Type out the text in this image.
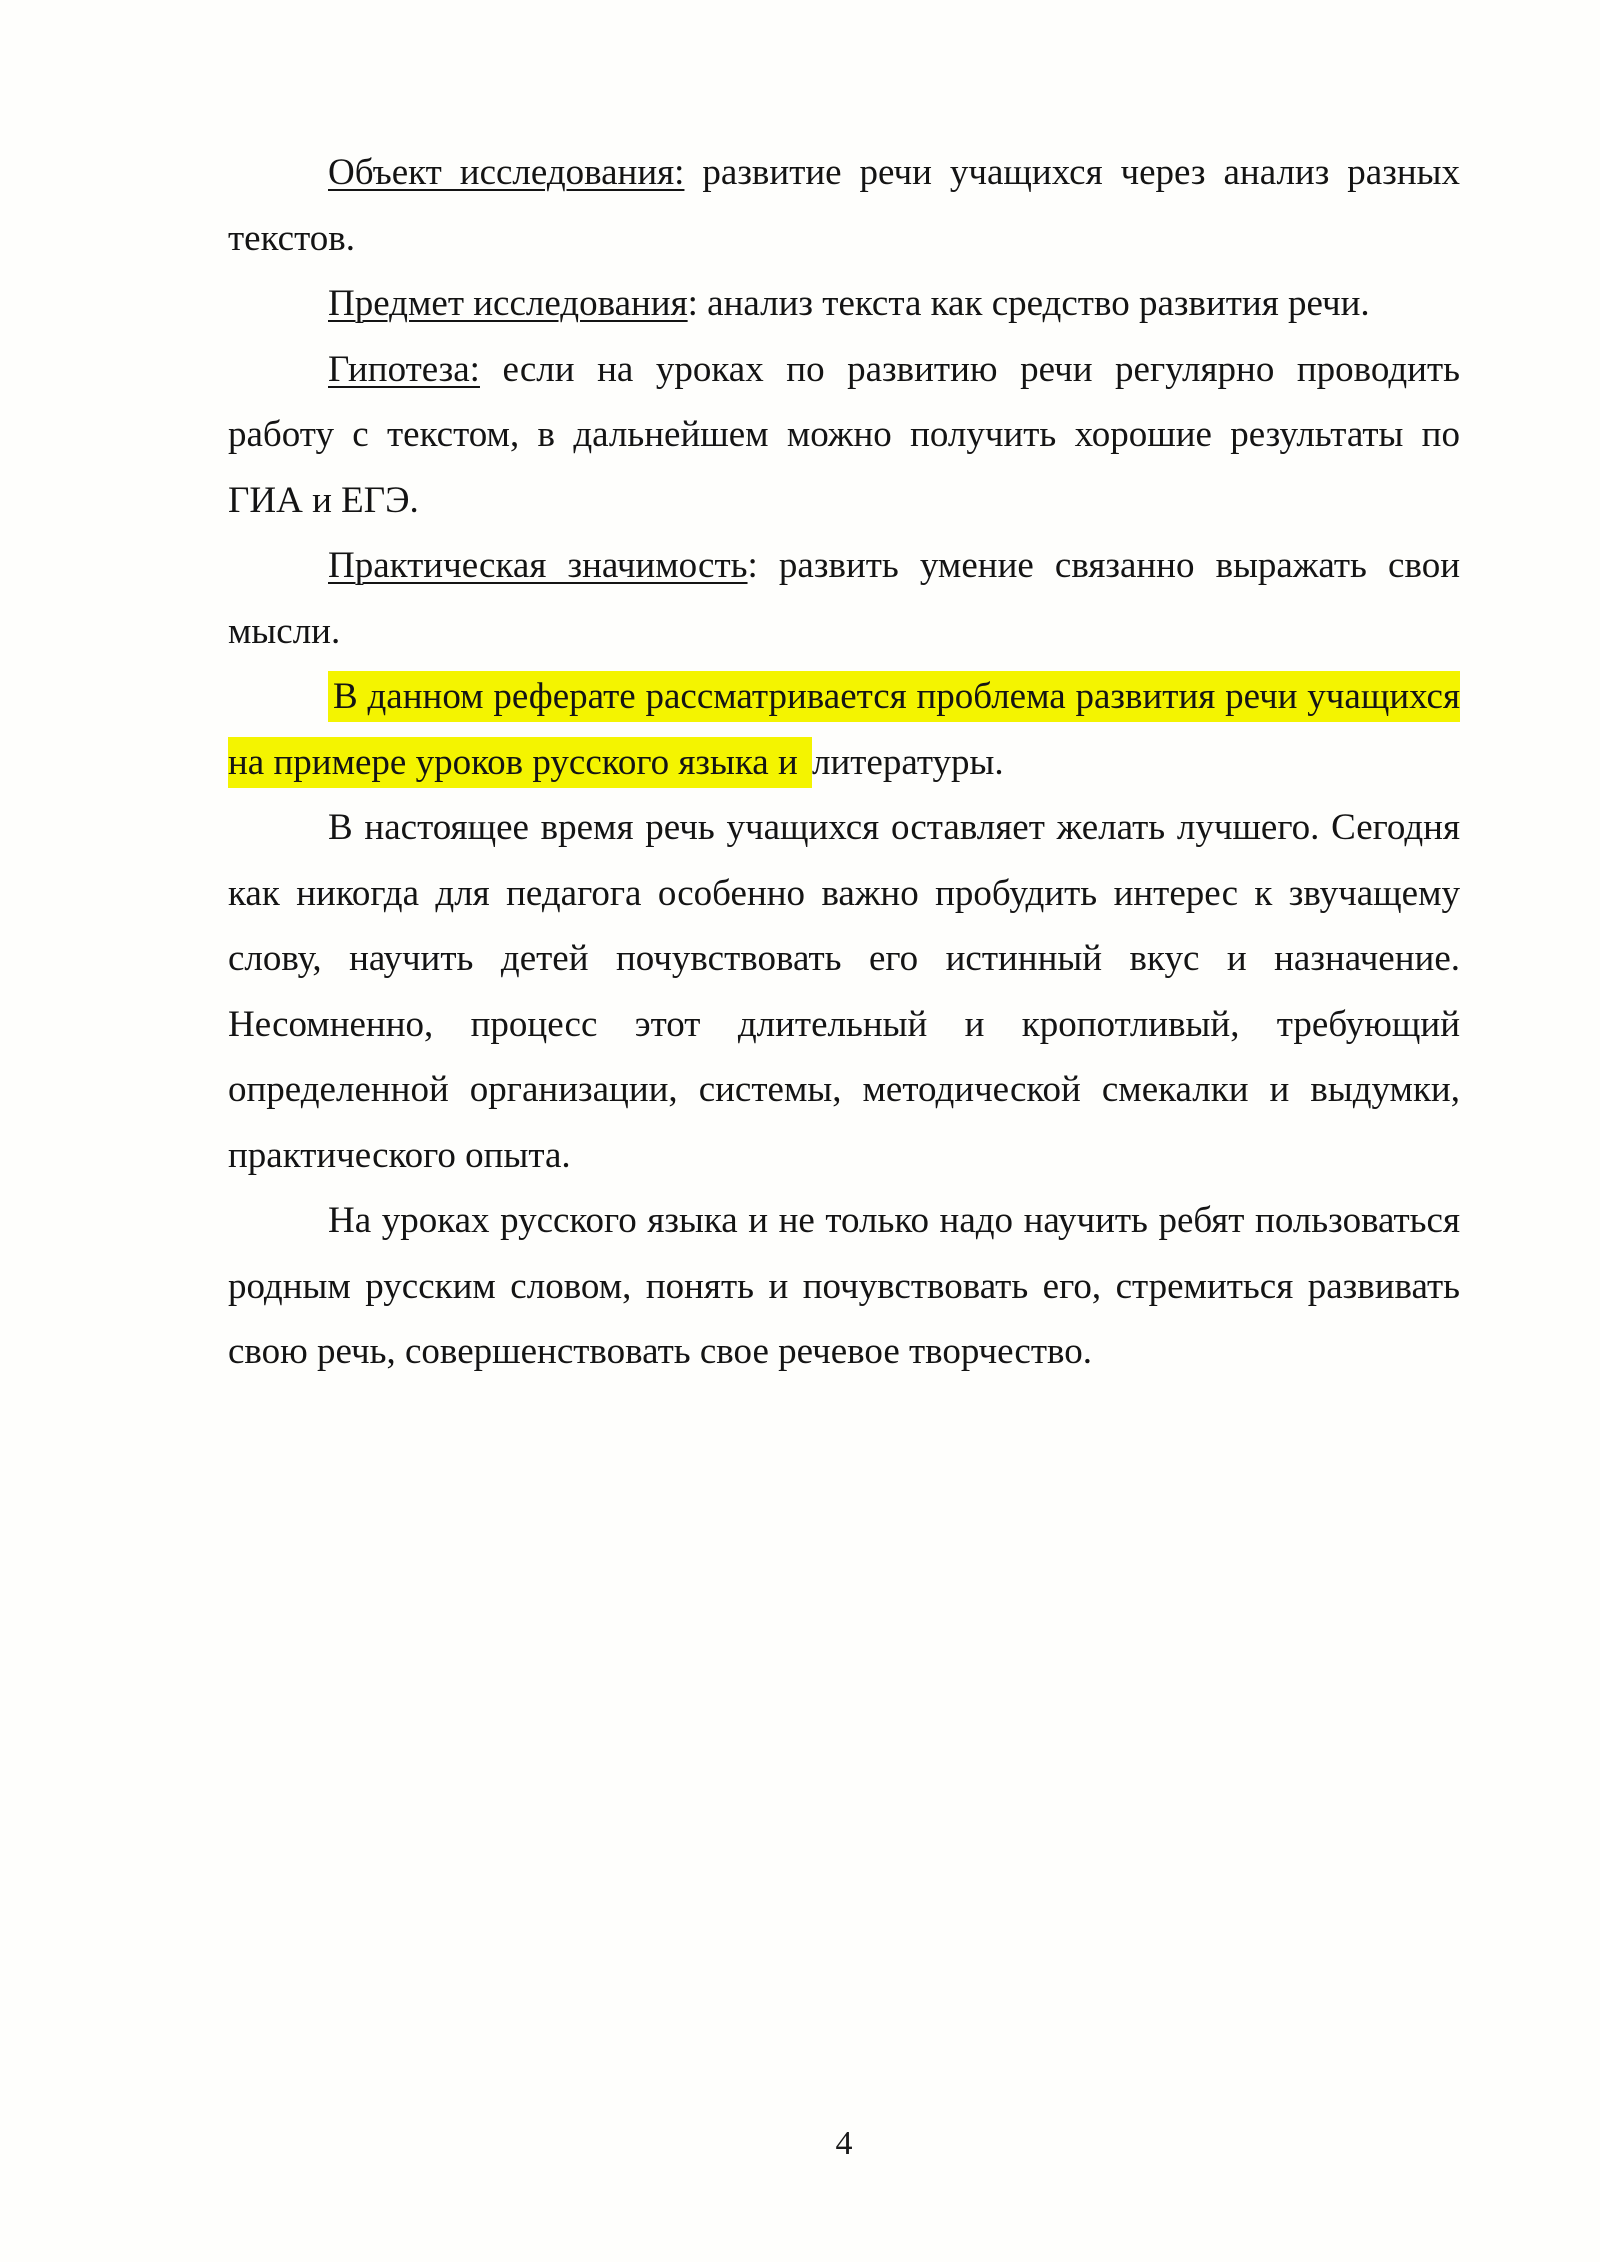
Объект исследования: развитие речи учащихся через анализ разных текстов.

Предмет исследования: анализ текста как средство развития речи.

Гипотеза: если на уроках по развитию речи регулярно проводить работу с текстом, в дальнейшем можно получить хорошие результаты по ГИА и ЕГЭ.

Практическая значимость: развить умение связанно выражать свои мысли.

В данном реферате рассматривается проблема развития речи учащихся на примере уроков русского языка и литературы.

В настоящее время речь учащихся оставляет желать лучшего. Сегодня как никогда для педагога особенно важно пробудить интерес к звучащему слову, научить детей почувствовать его истинный вкус и назначение. Несомненно, процесс этот длительный и кропотливый, требующий определенной организации, системы, методической смекалки и выдумки, практического опыта.

На уроках русского языка и не только надо научить ребят пользоваться родным русским словом, понять и почувствовать его, стремиться развивать свою речь, совершенствовать свое речевое творчество.

4
